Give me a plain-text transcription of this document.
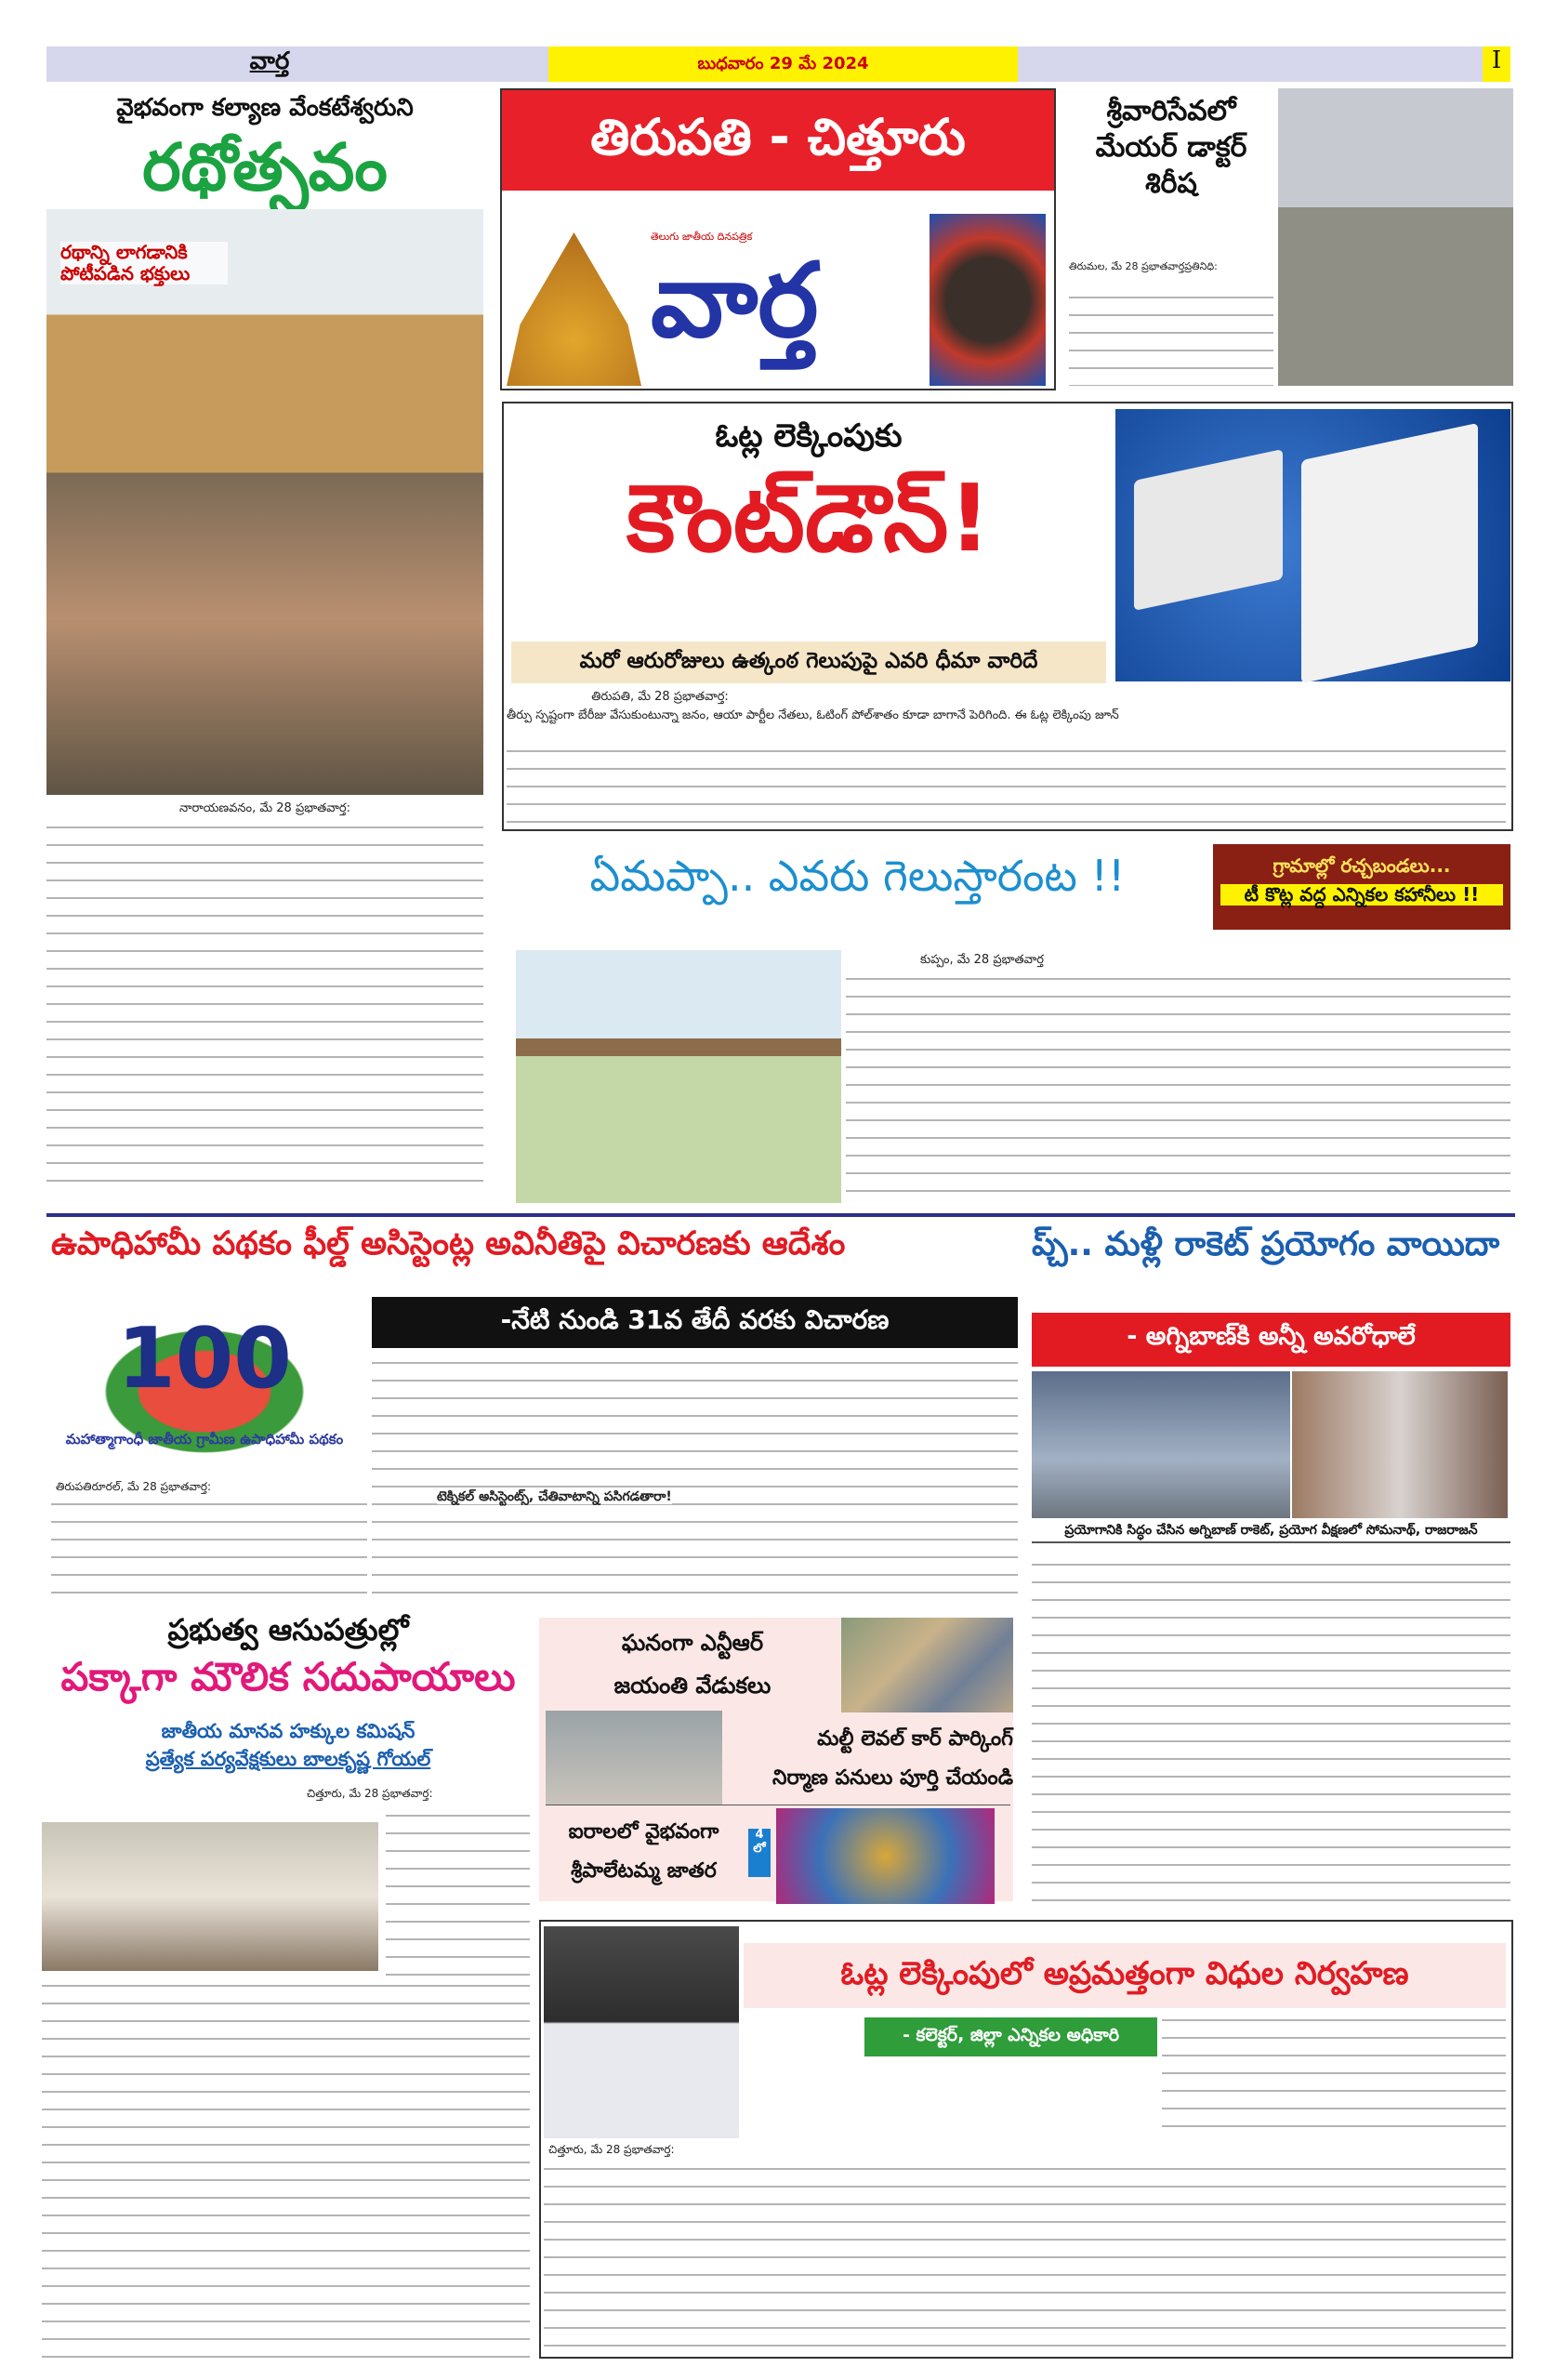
వార్త	బుధవారం 29 మే 2024	I
వైభవంగా కల్యాణ వేంకటేశ్వరుని
రథోత్సవం
రథాన్ని లాగడానికి పోటీపడిన భక్తులు
నారాయణవనం, మే 28 ప్రభాతవార్త:
తిరుపతి - చిత్తూరు
తెలుగు జాతీయ దినపత్రిక
వార్త
శ్రీవారిసేవలో మేయర్ డాక్టర్ శిరీష
తిరుమల, మే 28 ప్రభాతవార్తప్రతినిధి:
ఓట్ల లెక్కింపుకు
కౌంట్‌డౌన్!
మరో ఆరురోజులు ఉత్కంఠ గెలుపుపై ఎవరి ధీమా వారిదే
తిరుపతి, మే 28 ప్రభాతవార్త:
తీర్పు స్పష్టంగా బేరీజు వేసుకుంటున్నా జనం, ఆయా పార్టీల నేతలు, ఓటింగ్ పోల్‌శాతం కూడా బాగానే పెరిగింది. ఈ ఓట్ల లెక్కింపు జూన్
ఏమప్పా.. ఎవరు గెలుస్తారంట !!	గ్రామాల్లో రచ్చబండలు...
టీ కొట్ల వద్ద ఎన్నికల కహానీలు !!
కుప్పం, మే 28 ప్రభాతవార్త
ఉపాధిహామీ పథకం ఫీల్డ్ అసిస్టెంట్ల అవినీతిపై విచారణకు ఆదేశం
100
మహాత్మాగాంధీ జాతీయ గ్రామీణ ఉపాధిహామీ పథకం
-నేటి నుండి 31వ తేదీ వరకు విచారణ
తిరుపతిరూరల్, మే 28 ప్రభాతవార్త:
టెక్నికల్ అసిస్టెంట్స్, చేతివాటాన్ని పసిగడతారా!
ప్చ్.. మళ్లీ రాకెట్ ప్రయోగం వాయిదా
- అగ్నిబాణ్‌కి అన్నీ అవరోధాలే
ప్రయోగానికి సిద్ధం చేసిన అగ్నిబాణ్ రాకెట్, ప్రయోగ వీక్షణలో సోమనాథ్, రాజరాజన్
ప్రభుత్వ ఆసుపత్రుల్లో
పక్కాగా మౌలిక సదుపాయాలు
జాతీయ మానవ హక్కుల కమిషన్
ప్రత్యేక పర్యవేక్షకులు బాలకృష్ణ గోయల్
చిత్తూరు, మే 28 ప్రభాతవార్త:
ఘనంగా ఎన్టీఆర్
జయంతి వేడుకలు
మల్టీ లెవల్ కార్ పార్కింగ్
నిర్మాణ పనులు పూర్తి చేయండి
ఐరాలలో వైభవంగా
శ్రీపాలేటమ్మ జాతర
4
లో
ఓట్ల లెక్కింపులో అప్రమత్తంగా విధుల నిర్వహణ
- కలెక్టర్, జిల్లా ఎన్నికల అధికారి
చిత్తూరు, మే 28 ప్రభాతవార్త:
